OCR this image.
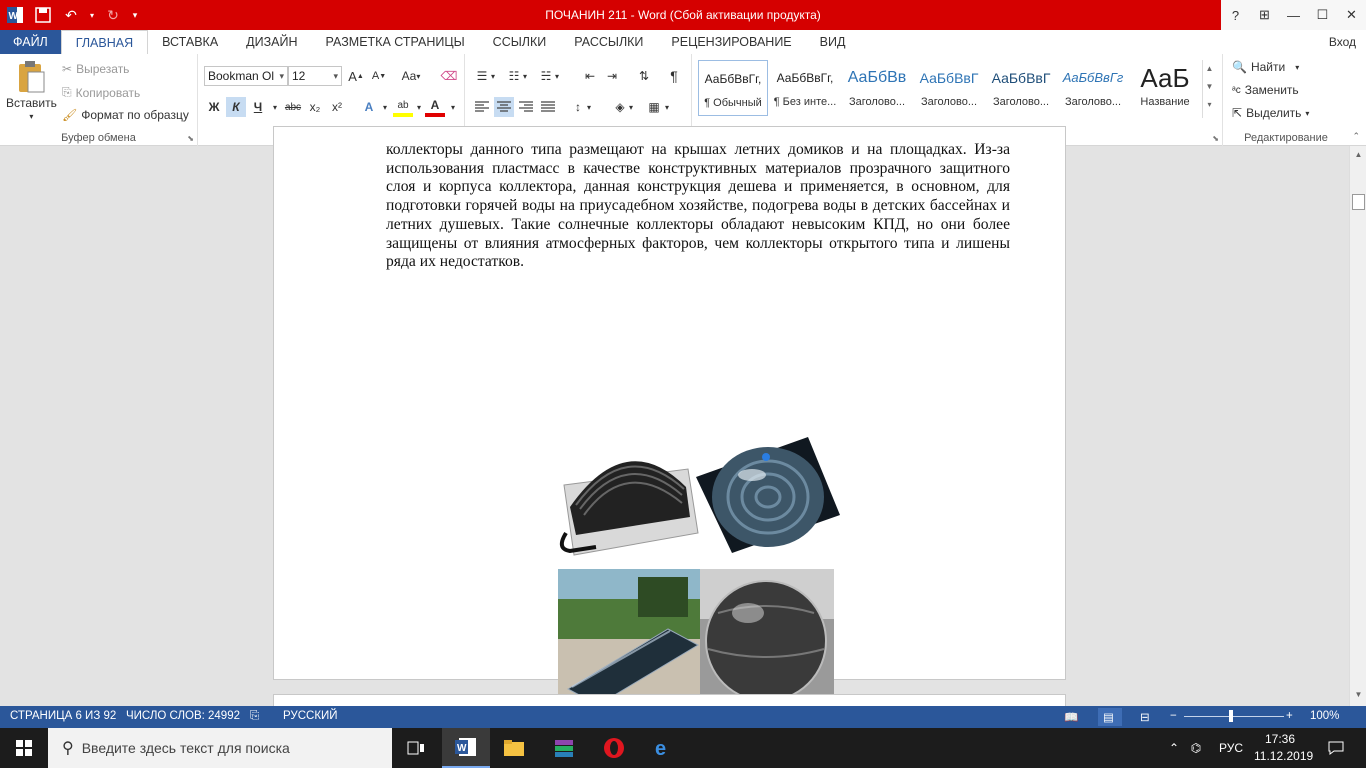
W	↶	▾ ↻	▾	ПОЧАНИН 211 - Word (Сбой активации продукта)	?	⊞	—	☐	✕
ФАЙЛ	ГЛАВНАЯ	ВСТАВКА	ДИЗАЙН	РАЗМЕТКА СТРАНИЦЫ	ССЫЛКИ	РАССЫЛКИ	РЕЦЕНЗИРОВАНИЕ	ВИД	Вход
Вставить
▾
✂ Вырезать
⎘ Копировать
🖌 Формат по образцу
Буфер обмена	⬊
Bookman Ol ▾	12 ▾	A ▲ A ▼ Aa ▾ ⌫
Ж	К	Ч	▾ abc x₂ x²	A	▾	ab	▾ A	▾
☰ ▾	☷ ▾	☵ ▾	⇤ ⇥	⇅	¶
↕ ▾	◈ ▾	▦ ▾
⬊
АаБбВвГг,
¶ Обычный
АаБбВвГг,
¶ Без инте...
АаБбВв
Заголово...
АаБбВвГ
Заголово...
АаБбВвГ
Заголово...
АаБбВвГг
Заголово...
АаБ
Название
▲
▼
▾
🔍 Найти ▾
ᵃc Заменить
⇱ Выделить ▾
Редактирование	⌃
коллекторы данного типа размещают на крышах летних домиков и на площадках. Из-за использования пластмасс в качестве конструктивных материалов прозрачного защитного слоя и корпуса коллектора, данная конструкция дешева и применяется, в основном, для подготовки горячей воды на приусадебном хозяйстве, подогрева воды в детских бассейнах и летних душевых. Такие солнечные коллекторы обладают невысоким КПД, но они более защищены от влияния атмосферных факторов, чем коллекторы открытого типа и лишены ряда их недостатков.
▲
▼
СТРАНИЦА 6 ИЗ 92 ЧИСЛО СЛОВ: 24992 ⎘ РУССКИЙ	📖 ▤ ⊟ −	+ 100%
⚲ Введите здесь текст для поиска	W	e	⌃ ⌬	РУС
17:36
11.12.2019
